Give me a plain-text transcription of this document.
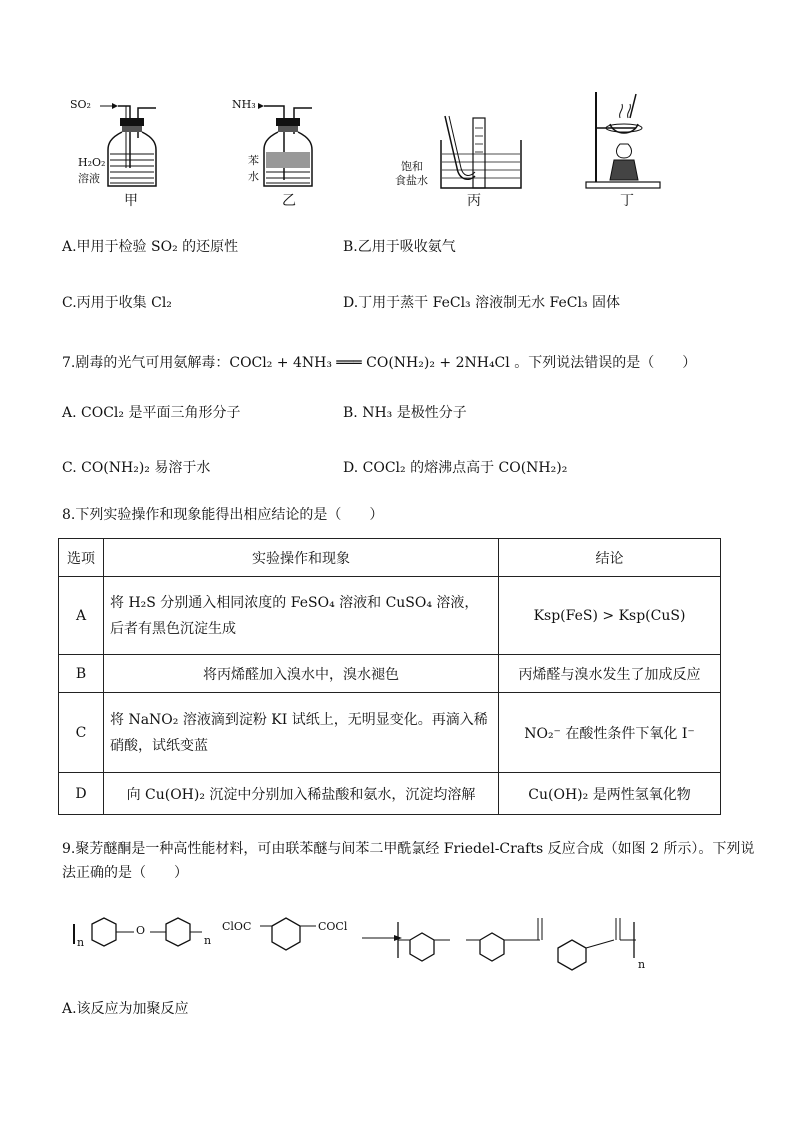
SO₂
H₂O₂
溶液
甲
NH₃
苯
水
乙
饱和
食盐水
丙	丁
A.甲用于检验 SO₂ 的还原性	B.乙用于吸收氨气
C.丙用于收集 Cl₂	D.丁用于蒸干 FeCl₃ 溶液制无水 FeCl₃ 固体
7.剧毒的光气可用氨解毒：COCl₂ + 4NH₃ ═══ CO(NH₂)₂ + 2NH₄Cl 。下列说法错误的是（　　）
A. COCl₂ 是平面三角形分子	B. NH₃ 是极性分子
C. CO(NH₂)₂ 易溶于水	D. COCl₂ 的熔沸点高于 CO(NH₂)₂
8.下列实验操作和现象能得出相应结论的是（　　）
选项	实验操作和现象	结论
A	将 H₂S 分别通入相同浓度的 FeSO₄ 溶液和 CuSO₄ 溶液，后者有黑色沉淀生成	Ksp(FeS) > Ksp(CuS)
B	将丙烯醛加入溴水中，溴水褪色	丙烯醛与溴水发生了加成反应
C	将 NaNO₂ 溶液滴到淀粉 KI 试纸上，无明显变化。再滴入稀硝酸，试纸变蓝	NO₂⁻ 在酸性条件下氧化 I⁻
D	向 Cu(OH)₂ 沉淀中分别加入稀盐酸和氨水，沉淀均溶解	Cu(OH)₂ 是两性氢氧化物
9.聚芳醚酮是一种高性能材料，可由联苯醚与间苯二甲酰氯经 Friedel-Crafts 反应合成（如图 2 所示）。下列说
法正确的是（　　）
n
O
n
ClOC	COCl
n
A.该反应为加聚反应
